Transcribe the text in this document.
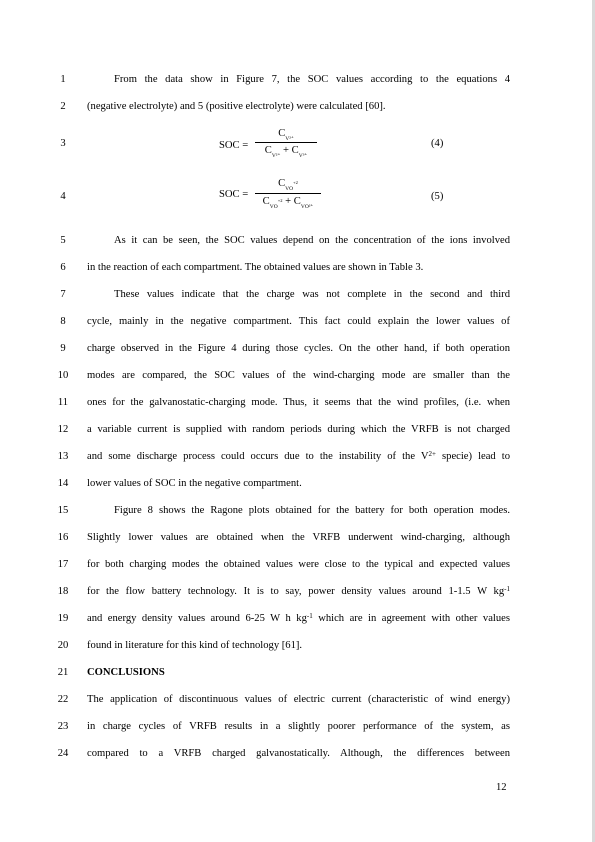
1
2
3
4
5
6
7
8
9
10
11
12
13
14
15
16
17
18
19
20
21
22
23
24
From the data show in Figure 7, the SOC values according to the equations 4
(negative electrolyte) and 5 (positive electrolyte) were calculated [60].
SOC =
$C_{V^{2+}}$
$C_{V^{2+}} + C_{V^{3+}}$
(4)
SOC =
$C_{VO}+2$
$C_{VO}+2 + C_{VO^{2+}}$
(5)
As it can be seen, the SOC values depend on the concentration of the ions involved
in the reaction of each compartment. The obtained values are shown in Table 3.
These values indicate that the charge was not complete in the second and third
cycle, mainly in the negative compartment. This fact could explain the lower values of
charge observed in the Figure 4 during those cycles. On the other hand, if both operation
modes are compared, the SOC values of the wind-charging mode are smaller than the
ones for the galvanostatic-charging mode. Thus, it seems that the wind profiles, (i.e. when
a variable current is supplied with random periods during which the VRFB is not charged
and some discharge process could occurs due to the instability of the $V^{2+}$ specie) lead to
lower values of SOC in the negative compartment.
Figure 8 shows the Ragone plots obtained for the battery for both operation modes.
Slightly lower values are obtained when the VRFB underwent wind-charging, although
for both charging modes the obtained values were close to the typical and expected values
for the flow battery technology. It is to say, power density values around 1-1.5 W $kg^{-1}$
and energy density values around 6-25 W h $kg^{-1}$ which are in agreement with other values
found in literature for this kind of technology [61].
CONCLUSIONS
The application of discontinuous values of electric current (characteristic of wind energy)
in charge cycles of VRFB results in a slightly poorer performance of the system, as
compared to a VRFB charged galvanostatically. Although, the differences between
12
